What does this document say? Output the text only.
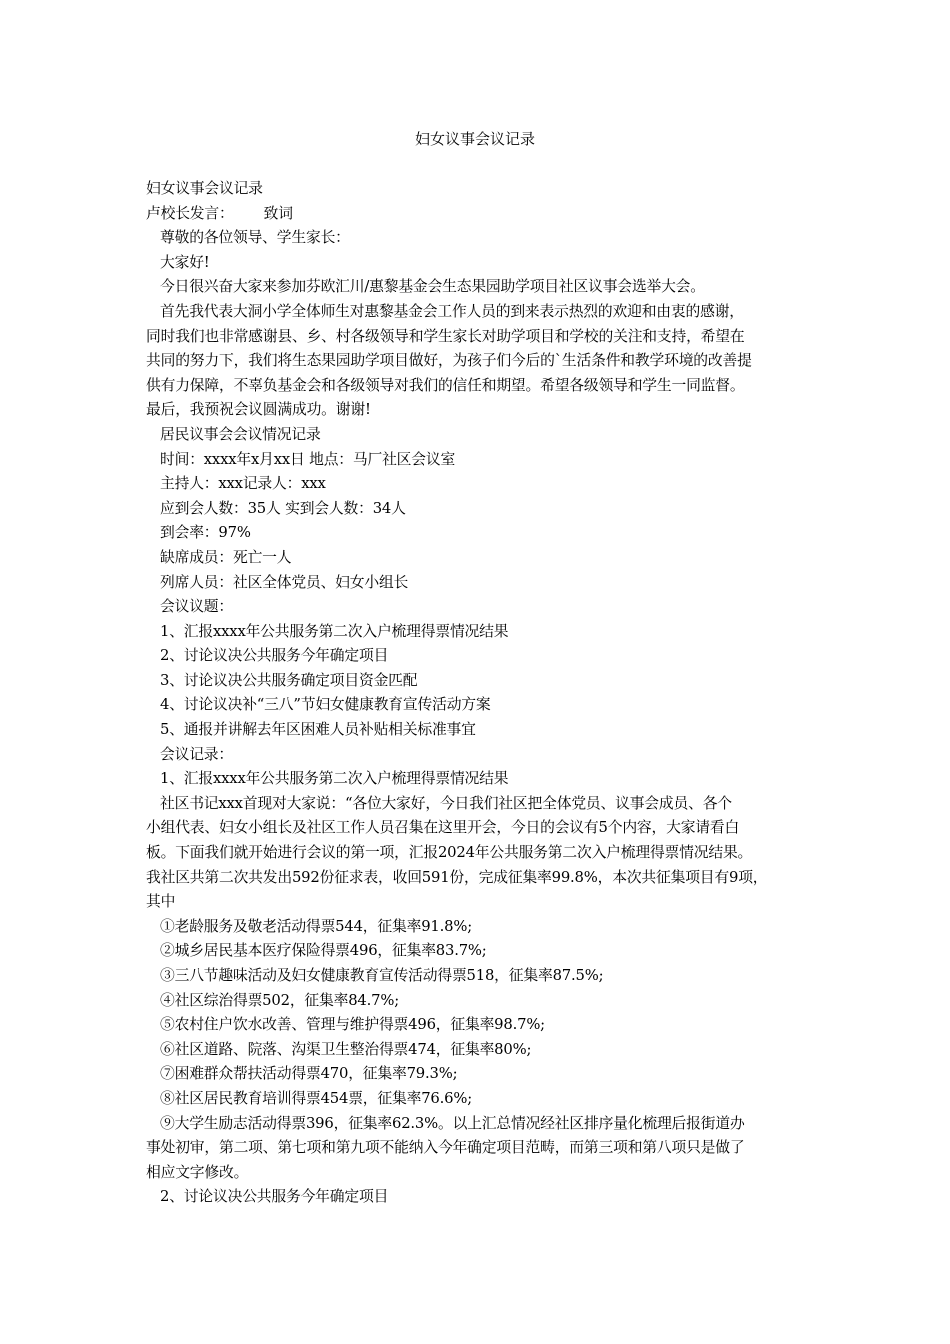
妇女议事会议记录

妇女议事会议记录

卢校长发言： 致词

尊敬的各位领导、学生家长：

大家好!

今日很兴奋大家来参加芬欧汇川/惠黎基金会生态果园助学项目社区议事会选举大会。

首先我代表大洞小学全体师生对惠黎基金会工作人员的到来表示热烈的欢迎和由衷的感谢，

同时我们也非常感谢县、乡、村各级领导和学生家长对助学项目和学校的关注和支持，希望在

共同的努力下，我们将生态果园助学项目做好，为孩子们今后的`生活条件和教学环境的改善提

供有力保障，不辜负基金会和各级领导对我们的信任和期望。希望各级领导和学生一同监督。

最后，我预祝会议圆满成功。谢谢!

居民议事会会议情况记录

时间：xxxx年x月xx日 地点：马厂社区会议室

主持人：xxx记录人：xxx

应到会人数：35人 实到会人数：34人

到会率：97%

缺席成员：死亡一人

列席人员：社区全体党员、妇女小组长

会议议题：

1、汇报xxxx年公共服务第二次入户梳理得票情况结果

2、讨论议决公共服务今年确定项目

3、讨论议决公共服务确定项目资金匹配

4、讨论议决补“三八”节妇女健康教育宣传活动方案

5、通报并讲解去年区困难人员补贴相关标准事宜

会议记录：

1、汇报xxxx年公共服务第二次入户梳理得票情况结果

社区书记xxx首现对大家说：“各位大家好，今日我们社区把全体党员、议事会成员、各个

小组代表、妇女小组长及社区工作人员召集在这里开会，今日的会议有5个内容，大家请看白

板。下面我们就开始进行会议的第一项，汇报2024年公共服务第二次入户梳理得票情况结果。

我社区共第二次共发出592份征求表，收回591份，完成征集率99.8%，本次共征集项目有9项，

其中

①老龄服务及敬老活动得票544，征集率91.8%;

②城乡居民基本医疗保险得票496，征集率83.7%;

③三八节趣味活动及妇女健康教育宣传活动得票518，征集率87.5%;

④社区综治得票502，征集率84.7%;

⑤农村住户饮水改善、管理与维护得票496，征集率98.7%;

⑥社区道路、院落、沟渠卫生整治得票474，征集率80%;

⑦困难群众帮扶活动得票470，征集率79.3%;

⑧社区居民教育培训得票454票，征集率76.6%;

⑨大学生励志活动得票396，征集率62.3%。以上汇总情况经社区排序量化梳理后报街道办

事处初审，第二项、第七项和第九项不能纳入今年确定项目范畴，而第三项和第八项只是做了

相应文字修改。

2、讨论议决公共服务今年确定项目
